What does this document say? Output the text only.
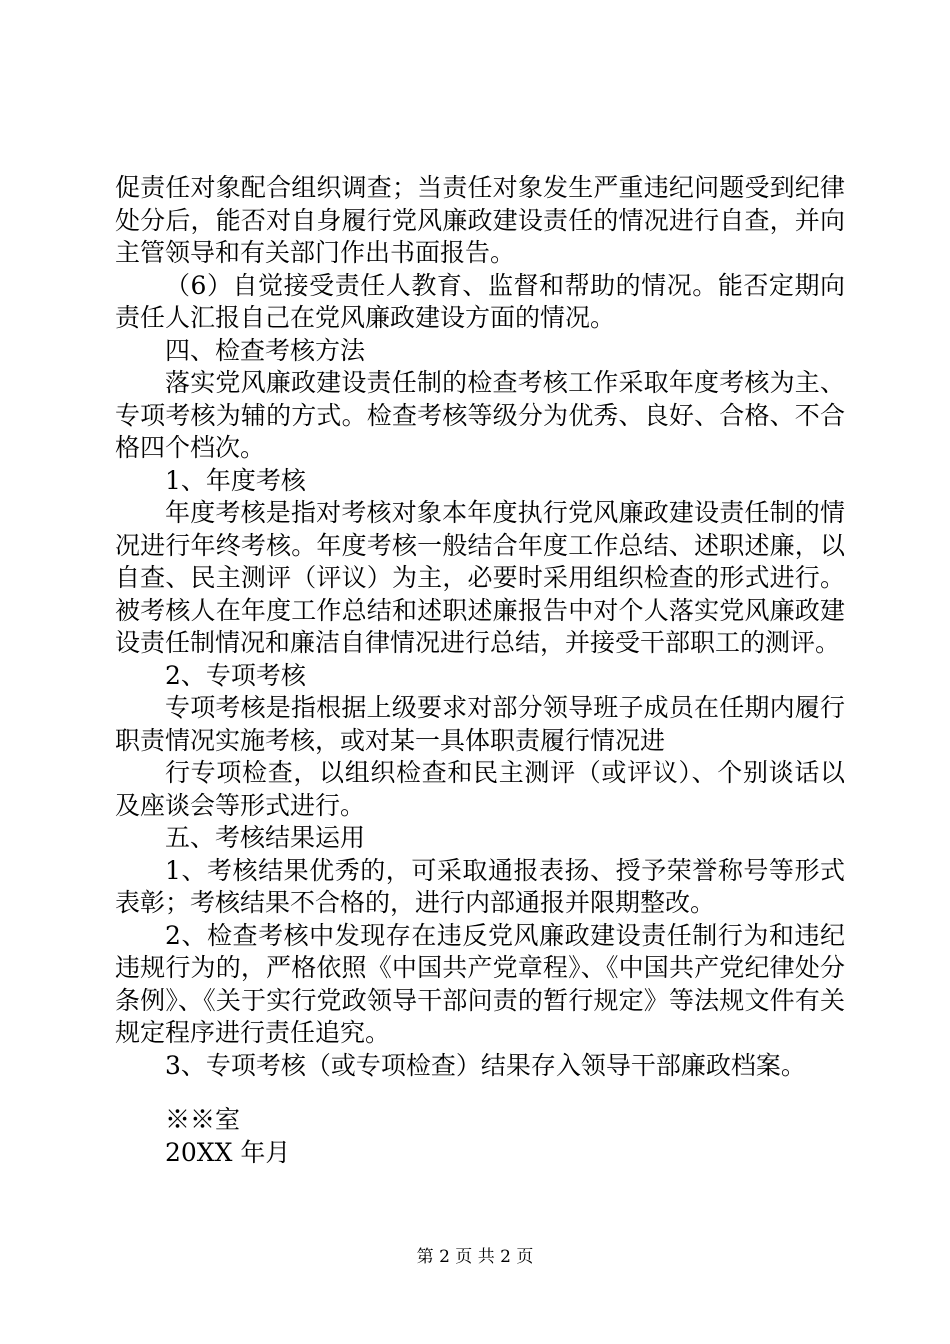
促责任对象配合组织调查；当责任对象发生严重违纪问题受到纪律处分后，能否对自身履行党风廉政建设责任的情况进行自查，并向主管领导和有关部门作出书面报告。

（6）自觉接受责任人教育、监督和帮助的情况。能否定期向责任人汇报自己在党风廉政建设方面的情况。

四、检查考核方法

落实党风廉政建设责任制的检查考核工作采取年度考核为主、专项考核为辅的方式。检查考核等级分为优秀、良好、合格、不合格四个档次。

1、年度考核

年度考核是指对考核对象本年度执行党风廉政建设责任制的情况进行年终考核。年度考核一般结合年度工作总结、述职述廉，以自查、民主测评（评议）为主，必要时采用组织检查的形式进行。被考核人在年度工作总结和述职述廉报告中对个人落实党风廉政建设责任制情况和廉洁自律情况进行总结，并接受干部职工的测评。

2、专项考核

专项考核是指根据上级要求对部分领导班子成员在任期内履行职责情况实施考核，或对某一具体职责履行情况进

行专项检查，以组织检查和民主测评（或评议）、个别谈话以及座谈会等形式进行。

五、考核结果运用

1、考核结果优秀的，可采取通报表扬、授予荣誉称号等形式表彰；考核结果不合格的，进行内部通报并限期整改。

2、检查考核中发现存在违反党风廉政建设责任制行为和违纪违规行为的，严格依照《中国共产党章程》、《中国共产党纪律处分条例》、《关于实行党政领导干部问责的暂行规定》等法规文件有关规定程序进行责任追究。

3、专项考核（或专项检查）结果存入领导干部廉政档案。

※※室

20XX 年月

第 2 页 共 2 页
